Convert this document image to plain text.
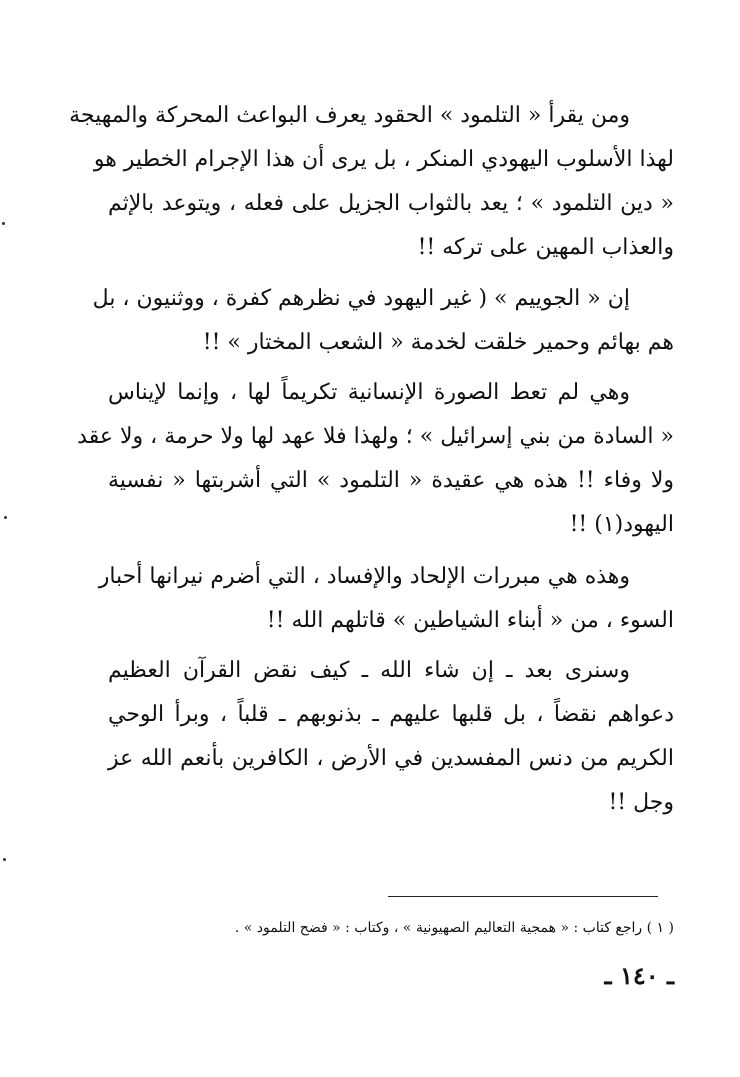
ومن يقرأ « التلمود » الحقود يعرف البواعث المحركة والمهيجة
لهذا الأسلوب اليهودي المنكر ، بل يرى أن هذا الإجرام الخطير هو
« دين التلمود » ؛ يعد بالثواب الجزيل على فعله ، ويتوعد بالإثم
والعذاب المهين على تركه !!

إن « الجوييم » ( غير اليهود في نظرهم كفرة ، ووثنيون ، بل
هم بهائم وحمير خلقت لخدمة « الشعب المختار » !!

وهي لم تعط الصورة الإنسانية تكريماً لها ، وإنما لإيناس
« السادة من بني إسرائيل » ؛ ولهذا فلا عهد لها ولا حرمة ، ولا عقد
ولا وفاء !! هذه هي عقيدة « التلمود » التي أشربتها « نفسية
اليهود(١) !!

وهذه هي مبررات الإلحاد والإفساد ، التي أضرم نيرانها أحبار
السوء ، من « أبناء الشياطين » قاتلهم الله !!

وسنرى بعد ـ إن شاء الله ـ كيف نقض القرآن العظيم
دعواهم نقضاً ، بل قلبها عليهم ـ بذنوبهم ـ قلباً ، وبرأ الوحي
الكريم من دنس المفسدين في الأرض ، الكافرين بأنعم الله عز
وجل !!

( ١ ) راجع كتاب : « همجية التعاليم الصهيونية » ، وكتاب : « فضح التلمود » .
ـ ١٤٠ ـ
